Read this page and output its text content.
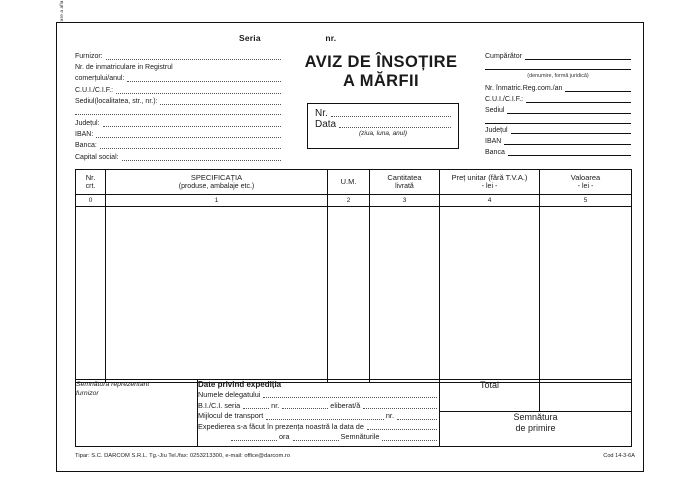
Seria	nr.
Furnizor:
Nr. de inmatriculare in Registrul
comerțului/anul:
C.U.I./C.I.F.:
Sediul(localitatea, str., nr.):
Județul:
IBAN:
Banca:
Capital social:
AVIZ DE ÎNSOȚIRE
A MĂRFII
Nr.
Data
(ziua, luna, anul)
Cumpărător
(denumire, formă juridică)
Nr. înmatric.Reg.com./an
C.U.I./C.I.F.:
Sediul
Județul
IBAN
Banca
Nr.
crt.

SPECIFICAȚIA
(produse, ambalaje etc.)

U.M.

Cantitatea
livrată

Preț unitar (fără T.V.A.)
- lei -

Valoarea
- lei -

0	1	2	3	4	5

Semnătura reprezentant
furnizor

Date privind expediția
Numele delegatului
B.I./C.I. seria	nr.	eliberat/ă
Mijlocul de transport	nr.
Expedierea s-a făcut în prezența noastră la data de
ora	Semnăturile
	Total	

Semnătura
de primire
Tipar: S.C. DARCOM S.R.L. Tg.-Jiu Tel./fax: 0253213300, e-mail: office@darcom.ro	Cod 14-3-6A
